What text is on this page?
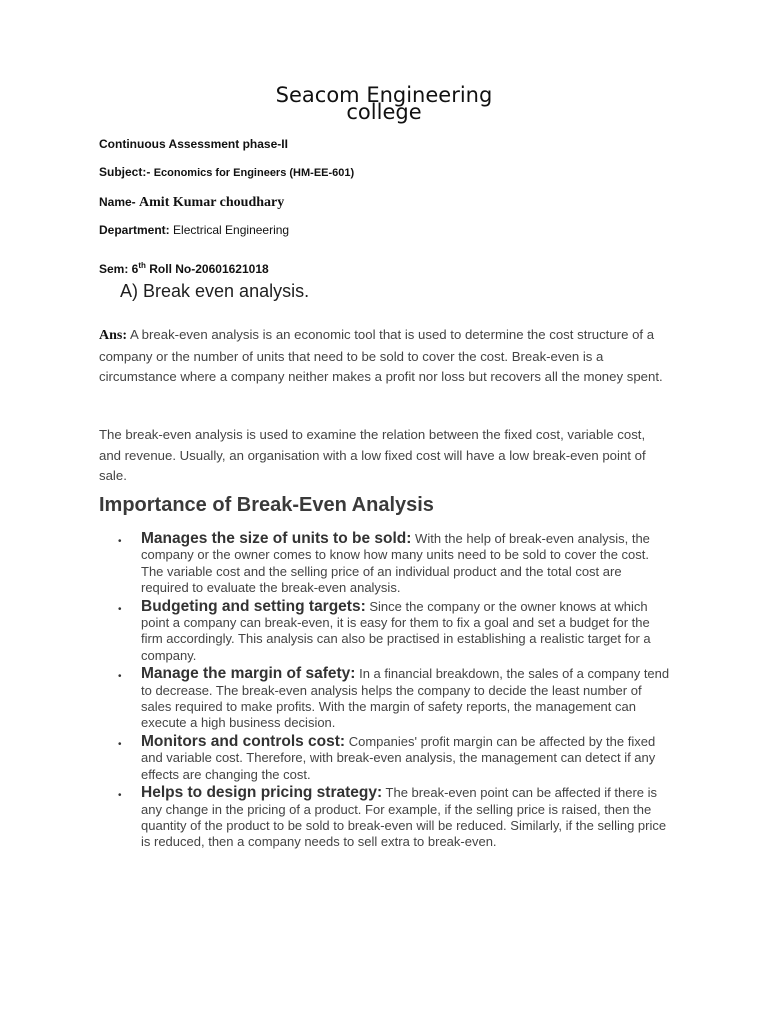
Seacom Engineering
college
Continuous Assessment phase-II
Subject:- Economics for Engineers (HM-EE-601)
Name- Amit Kumar choudhary
Department: Electrical Engineering
Sem: 6th Roll No-20601621018
A) Break even analysis.
Ans: A break-even analysis is an economic tool that is used to determine the cost structure of a company or the number of units that need to be sold to cover the cost. Break-even is a circumstance where a company neither makes a profit nor loss but recovers all the money spent.
The break-even analysis is used to examine the relation between the fixed cost, variable cost, and revenue. Usually, an organisation with a low fixed cost will have a low break-even point of sale.
Importance of Break-Even Analysis
• Manages the size of units to be sold: With the help of break-even analysis, the company or the owner comes to know how many units need to be sold to cover the cost. The variable cost and the selling price of an individual product and the total cost are required to evaluate the break-even analysis.
• Budgeting and setting targets: Since the company or the owner knows at which point a company can break-even, it is easy for them to fix a goal and set a budget for the firm accordingly. This analysis can also be practised in establishing a realistic target for a company.
• Manage the margin of safety: In a financial breakdown, the sales of a company tend to decrease. The break-even analysis helps the company to decide the least number of sales required to make profits. With the margin of safety reports, the management can execute a high business decision.
• Monitors and controls cost: Companies' profit margin can be affected by the fixed and variable cost. Therefore, with break-even analysis, the management can detect if any effects are changing the cost.
• Helps to design pricing strategy: The break-even point can be affected if there is any change in the pricing of a product. For example, if the selling price is raised, then the quantity of the product to be sold to break-even will be reduced. Similarly, if the selling price is reduced, then a company needs to sell extra to break-even.
